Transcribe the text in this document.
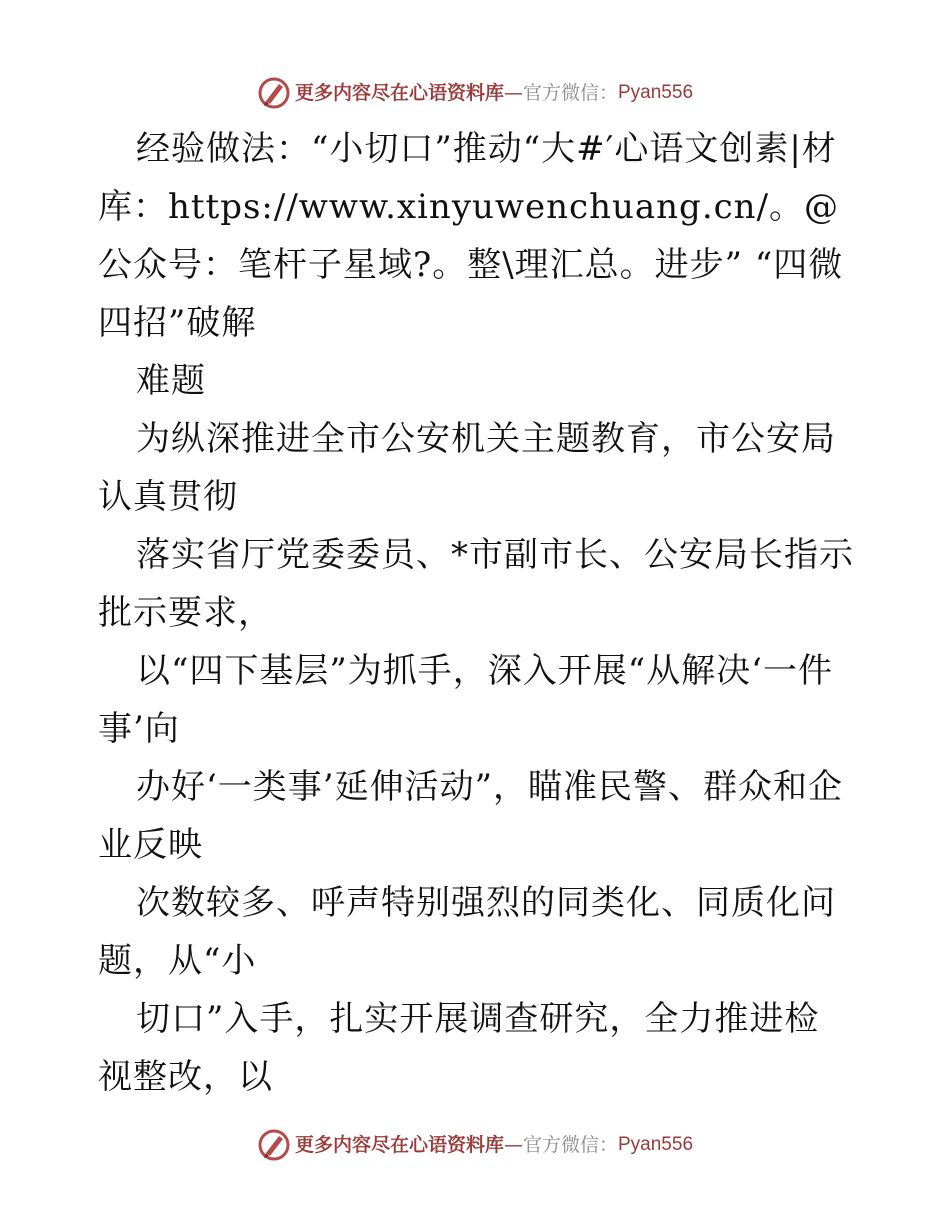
更多内容尽在心语资料库 — 官方微信： Pyan556

经验做法：“小切口”推动“大#′心语文创素|材库：https://www.xinyuwenchuang.cn/。@公众号：笔杆子星域?。整\理汇总。进步” “四微四招”破解

难题

为纵深推进全市公安机关主题教育，市公安局认真贯彻

落实省厅党委委员、*市副市长、公安局长指示批示要求，

以“四下基层”为抓手，深入开展“从解决‘一件事’向

办好‘一类事’延伸活动”，瞄准民警、群众和企业反映

次数较多、呼声特别强烈的同类化、同质化问题，从“小

切口”入手，扎实开展调查研究，全力推进检视整改，以

更多内容尽在心语资料库 — 官方微信： Pyan556
